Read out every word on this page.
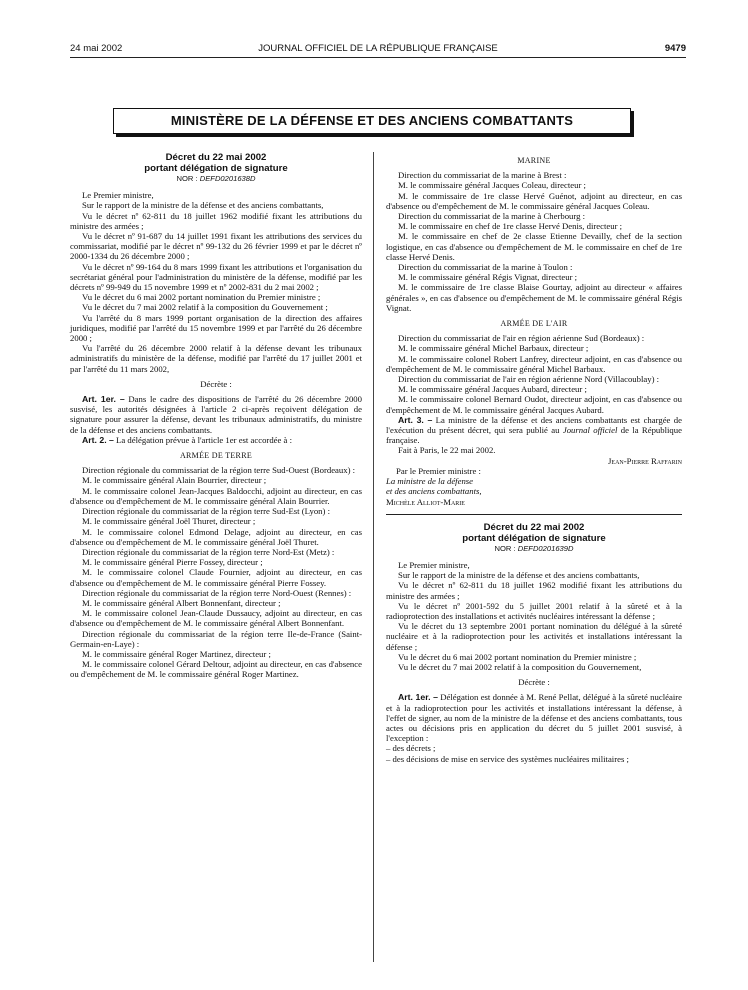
24 mai 2002	JOURNAL OFFICIEL DE LA RÉPUBLIQUE FRANÇAISE	9479
MINISTÈRE DE LA DÉFENSE ET DES ANCIENS COMBATTANTS
Décret du 22 mai 2002
portant délégation de signature
NOR : DEFD0201638D

Le Premier ministre,

Sur le rapport de la ministre de la défense et des anciens combattants,

Vu le décret nº 62-811 du 18 juillet 1962 modifié fixant les attributions du ministre des armées ;

Vu le décret nº 91-687 du 14 juillet 1991 fixant les attributions des services du commissariat, modifié par le décret nº 99-132 du 26 février 1999 et par le décret nº 2000-1334 du 26 décembre 2000 ;

Vu le décret nº 99-164 du 8 mars 1999 fixant les attributions et l'organisation du secrétariat général pour l'administration du ministère de la défense, modifié par les décrets nº 99-949 du 15 novembre 1999 et nº 2002-831 du 2 mai 2002 ;

Vu le décret du 6 mai 2002 portant nomination du Premier ministre ;

Vu le décret du 7 mai 2002 relatif à la composition du Gouvernement ;

Vu l'arrêté du 8 mars 1999 portant organisation de la direction des affaires juridiques, modifié par l'arrêté du 15 novembre 1999 et par l'arrêté du 26 décembre 2000 ;

Vu l'arrêté du 26 décembre 2000 relatif à la défense devant les tribunaux administratifs du ministère de la défense, modifié par l'arrêté du 17 juillet 2001 et par l'arrêté du 11 mars 2002,

Décrète :

Art. 1er. – Dans le cadre des dispositions de l'arrêté du 26 décembre 2000 susvisé, les autorités désignées à l'article 2 ci-après reçoivent délégation de signature pour assurer la défense, devant les tribunaux administratifs, du ministre de la défense et des anciens combattants.

Art. 2. – La délégation prévue à l'article 1er est accordée à :

ARMÉE DE TERRE

Direction régionale du commissariat de la région terre Sud-Ouest (Bordeaux) :

M. le commissaire général Alain Bourrier, directeur ;

M. le commissaire colonel Jean-Jacques Baldocchi, adjoint au directeur, en cas d'absence ou d'empêchement de M. le commissaire général Alain Bourrier.

Direction régionale du commissariat de la région terre Sud-Est (Lyon) :

M. le commissaire général Joël Thuret, directeur ;

M. le commissaire colonel Edmond Delage, adjoint au directeur, en cas d'absence ou d'empêchement de M. le commissaire général Joël Thuret.

Direction régionale du commissariat de la région terre Nord-Est (Metz) :

M. le commissaire général Pierre Fossey, directeur ;

M. le commissaire colonel Claude Fournier, adjoint au directeur, en cas d'absence ou d'empêchement de M. le commissaire général Pierre Fossey.

Direction régionale du commissariat de la région terre Nord-Ouest (Rennes) :

M. le commissaire général Albert Bonnenfant, directeur ;

M. le commissaire colonel Jean-Claude Dussaucy, adjoint au directeur, en cas d'absence ou d'empêchement de M. le commissaire général Albert Bonnenfant.

Direction régionale du commissariat de la région terre Ile-de-France (Saint-Germain-en-Laye) :

M. le commissaire général Roger Martinez, directeur ;

M. le commissaire colonel Gérard Deltour, adjoint au directeur, en cas d'absence ou d'empêchement de M. le commissaire général Roger Martinez.

MARINE

Direction du commissariat de la marine à Brest :

M. le commissaire général Jacques Coleau, directeur ;

M. le commissaire de 1re classe Hervé Guénot, adjoint au directeur, en cas d'absence ou d'empêchement de M. le commissaire général Jacques Coleau.

Direction du commissariat de la marine à Cherbourg :

M. le commissaire en chef de 1re classe Hervé Denis, directeur ;

M. le commissaire en chef de 2e classe Etienne Devailly, chef de la section logistique, en cas d'absence ou d'empêchement de M. le commissaire en chef de 1re classe Hervé Denis.

Direction du commissariat de la marine à Toulon :

M. le commissaire général Régis Vignat, directeur ;

M. le commissaire de 1re classe Blaise Gourtay, adjoint au directeur « affaires générales », en cas d'absence ou d'empêchement de M. le commissaire général Régis Vignat.

ARMÉE DE L'AIR

Direction du commissariat de l'air en région aérienne Sud (Bordeaux) :

M. le commissaire général Michel Barbaux, directeur ;

M. le commissaire colonel Robert Lanfrey, directeur adjoint, en cas d'absence ou d'empêchement de M. le commissaire général Michel Barbaux.

Direction du commissariat de l'air en région aérienne Nord (Villacoublay) :

M. le commissaire général Jacques Aubard, directeur ;

M. le commissaire colonel Bernard Oudot, directeur adjoint, en cas d'absence ou d'empêchement de M. le commissaire général Jacques Aubard.

Art. 3. – La ministre de la défense et des anciens combattants est chargée de l'exécution du présent décret, qui sera publié au Journal officiel de la République française.

Fait à Paris, le 22 mai 2002.

Jean-Pierre Raffarin

Par le Premier ministre :

La ministre de la défense

et des anciens combattants,

Michèle Alliot-Marie

Décret du 22 mai 2002
portant délégation de signature
NOR : DEFD0201639D

Le Premier ministre,

Sur le rapport de la ministre de la défense et des anciens combattants,

Vu le décret nº 62-811 du 18 juillet 1962 modifié fixant les attributions du ministre des armées ;

Vu le décret nº 2001-592 du 5 juillet 2001 relatif à la sûreté et à la radioprotection des installations et activités nucléaires intéressant la défense ;

Vu le décret du 13 septembre 2001 portant nomination du délégué à la sûreté nucléaire et à la radioprotection pour les activités et installations intéressant la défense ;

Vu le décret du 6 mai 2002 portant nomination du Premier ministre ;

Vu le décret du 7 mai 2002 relatif à la composition du Gouvernement,

Décrète :

Art. 1er. – Délégation est donnée à M. René Pellat, délégué à la sûreté nucléaire et à la radioprotection pour les activités et installations intéressant la défense, à l'effet de signer, au nom de la ministre de la défense et des anciens combattants, tous actes ou décisions pris en application du décret du 5 juillet 2001 susvisé, à l'exception :

– des décrets ;

– des décisions de mise en service des systèmes nucléaires militaires ;
